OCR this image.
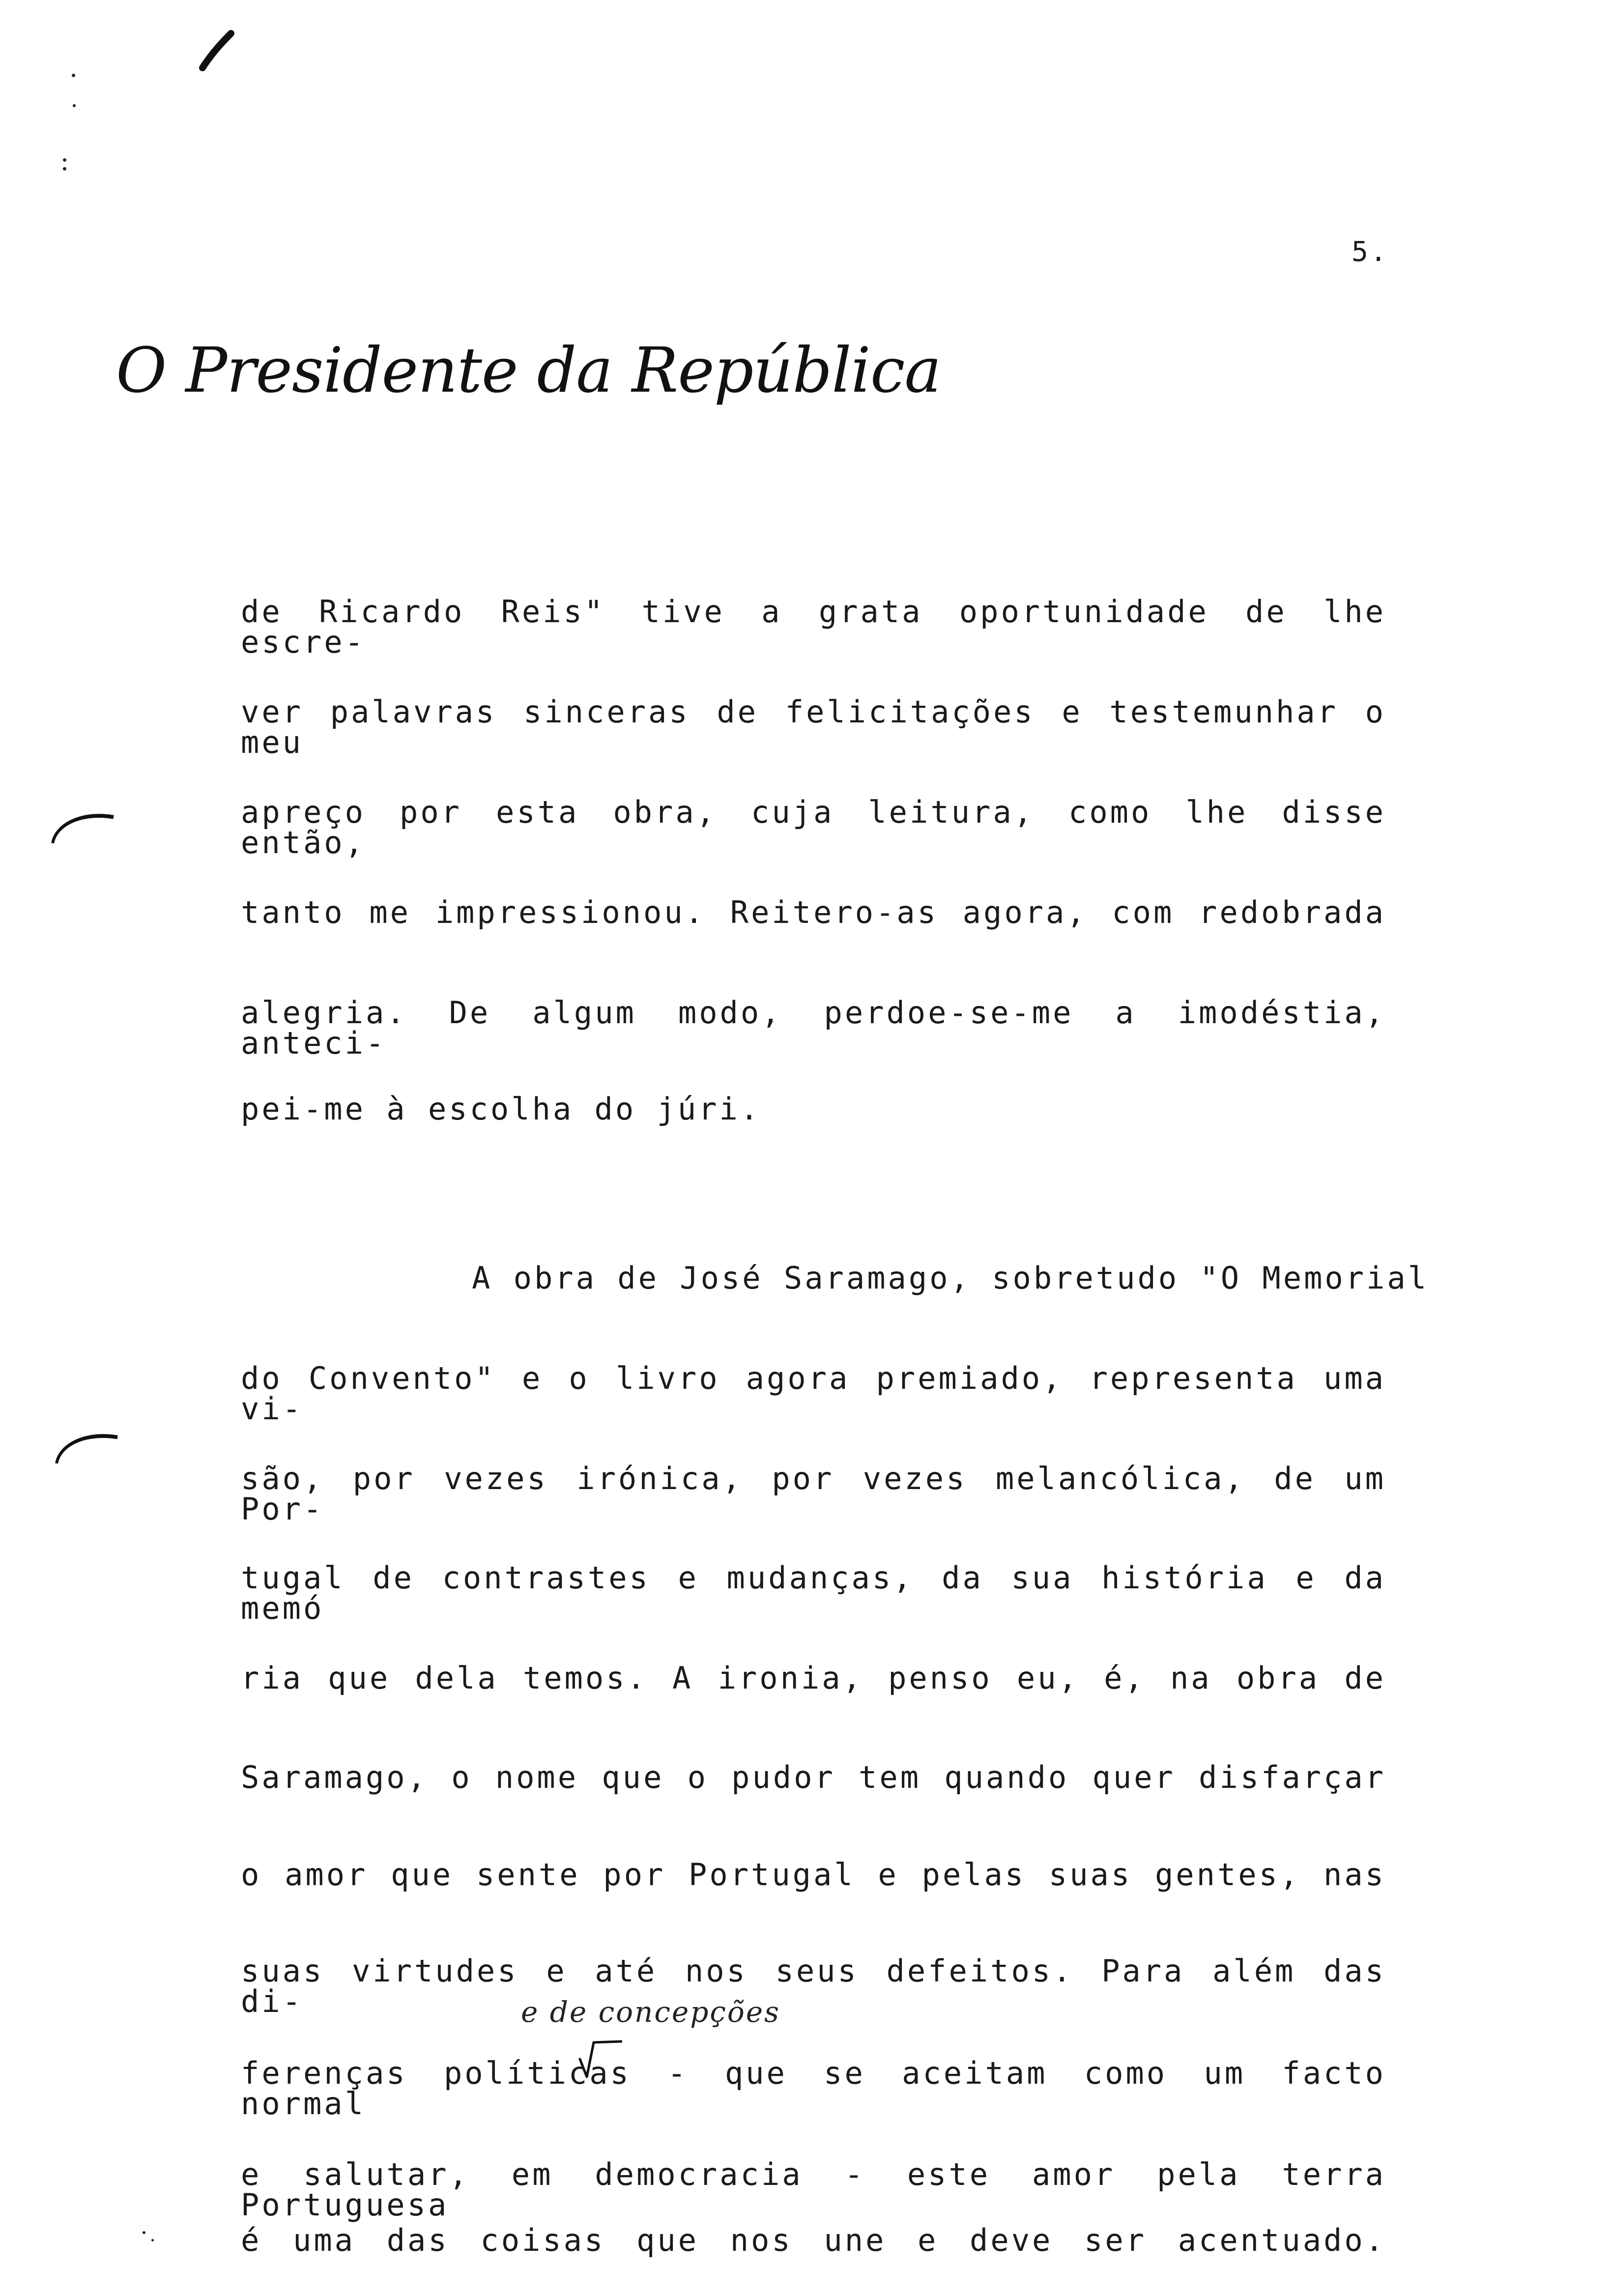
5.
O Presidente da República
de Ricardo Reis" tive a grata oportunidade de lhe escre-
ver palavras sinceras de felicitações e testemunhar o meu
apreço por esta obra, cuja leitura, como lhe disse então,
tanto me impressionou. Reitero-as agora, com redobrada
alegria. De algum modo, perdoe-se-me a imodéstia, anteci-
pei-me à escolha do júri.
A obra de José Saramago, sobretudo "O Memorial
do Convento" e o livro agora premiado, representa uma vi-
são, por vezes irónica, por vezes melancólica, de um Por-
tugal de contrastes e mudanças, da sua história e da memó
ria que dela temos. A ironia, penso eu, é, na obra de
Saramago, o nome que o pudor tem quando quer disfarçar
o amor que sente por Portugal e pelas suas gentes, nas
suas virtudes e até nos seus defeitos. Para além das di-	e de concepções
ferenças políticas - que se aceitam como um facto normal
e salutar, em democracia - este amor pela terra Portuguesa
é uma das coisas que nos une e deve ser acentuado.
